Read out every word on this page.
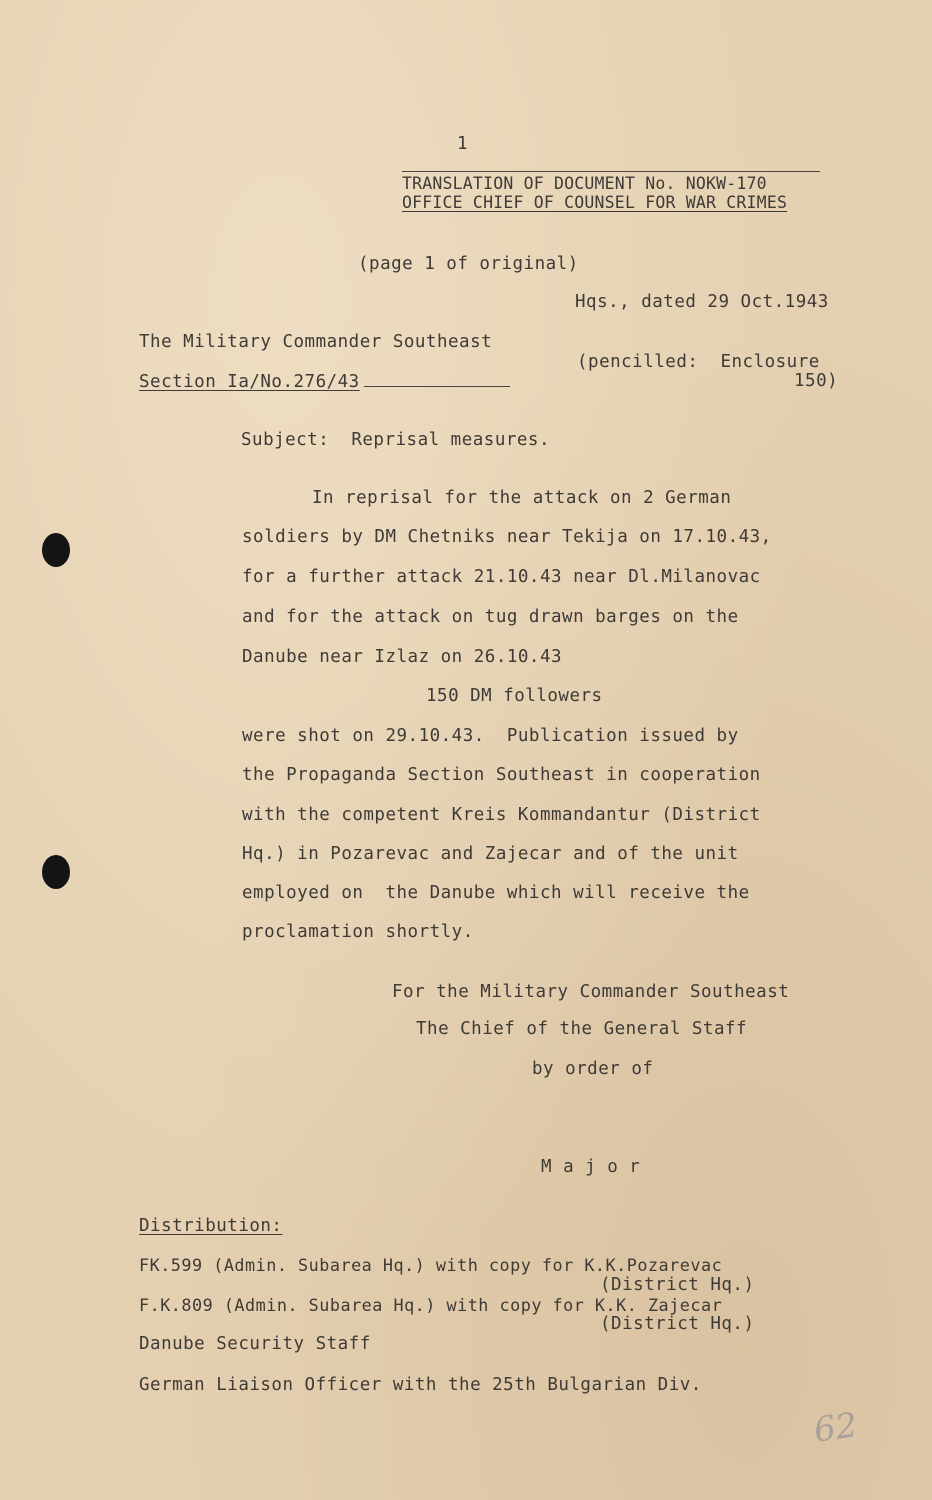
1
TRANSLATION OF DOCUMENT No. NOKW-170
OFFICE CHIEF OF COUNSEL FOR WAR CRIMES
(page 1 of original)
Hqs., dated 29 Oct.1943
The Military Commander Southeast
Section Ia/No.276/43
(pencilled:  Enclosure
150)
Subject:  Reprisal measures.
In reprisal for the attack on 2 German
soldiers by DM Chetniks near Tekija on 17.10.43,
for a further attack 21.10.43 near Dl.Milanovac
and for the attack on tug drawn barges on the
Danube near Izlaz on 26.10.43
150 DM followers
were shot on 29.10.43.  Publication issued by
the Propaganda Section Southeast in cooperation
with the competent Kreis Kommandantur (District
Hq.) in Pozarevac and Zajecar and of the unit
employed on  the Danube which will receive the
proclamation shortly.
For the Military Commander Southeast
The Chief of the General Staff
by order of
M a j o r
Distribution:
FK.599 (Admin. Subarea Hq.) with copy for K.K.Pozarevac
(District Hq.)
F.K.809 (Admin. Subarea Hq.) with copy for K.K. Zajecar
(District Hq.)
Danube Security Staff
German Liaison Officer with the 25th Bulgarian Div.
62
